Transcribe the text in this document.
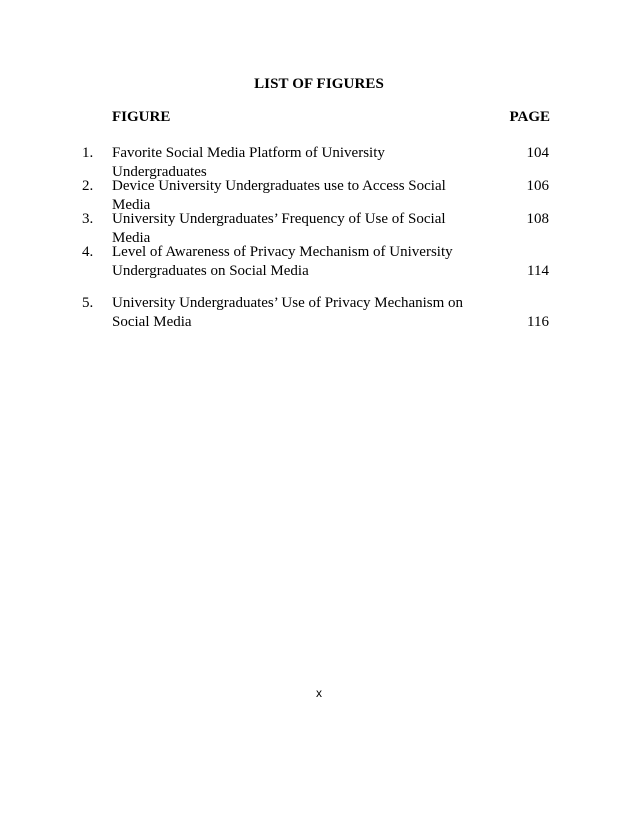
LIST OF FIGURES
FIGURE	PAGE
1. Favorite Social Media Platform of University Undergraduates
104
2. Device University Undergraduates use to Access Social Media
106
3. University Undergraduates’ Frequency of Use of Social Media
108
4. Level of Awareness of Privacy Mechanism of University
Undergraduates on Social Media	114
5. University Undergraduates’ Use of Privacy Mechanism on
Social Media	116
x
